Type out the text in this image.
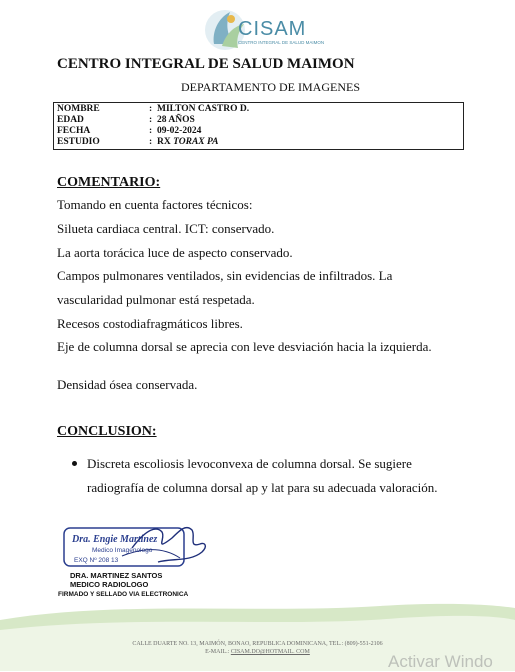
CISAM
CENTRO INTEGRAL DE SALUD MAIMON
CENTRO INTEGRAL DE SALUD MAIMON
DEPARTAMENTO DE IMAGENES
NOMBRE	: MILTON CASTRO D.
EDAD	: 28 AÑOS
FECHA	: 09-02-2024
ESTUDIO	: RX TORAX PA
COMENTARIO:
Tomando en cuenta factores técnicos:
Silueta cardiaca central. ICT: conservado.
La aorta torácica luce de aspecto conservado.
Campos pulmonares ventilados, sin evidencias de infiltrados. La
vascularidad pulmonar está respetada.
Recesos costodiafragmáticos libres.
Eje de columna dorsal se aprecia con leve desviación hacia la izquierda.
Densidad ósea conservada.
CONCLUSION:
Discreta escoliosis levoconvexa de columna dorsal. Se sugiere
radiografía de columna dorsal ap y lat para su adecuada valoración.
Dra. Engie Martinez
Medico Imagenologo
EXQ Nº 208 13
DRA. MARTINEZ SANTOS
MEDICO RADIOLOGO
FIRMADO Y SELLADO VIA ELECTRONICA
CALLE DUARTE NO. 13, MAIMÓN, BONAO, REPUBLICA DOMINICANA, TEL.: (809)-551-2106
E-MAIL.: CISAM.DO@HOTMAIL. COM	Activar Windo
